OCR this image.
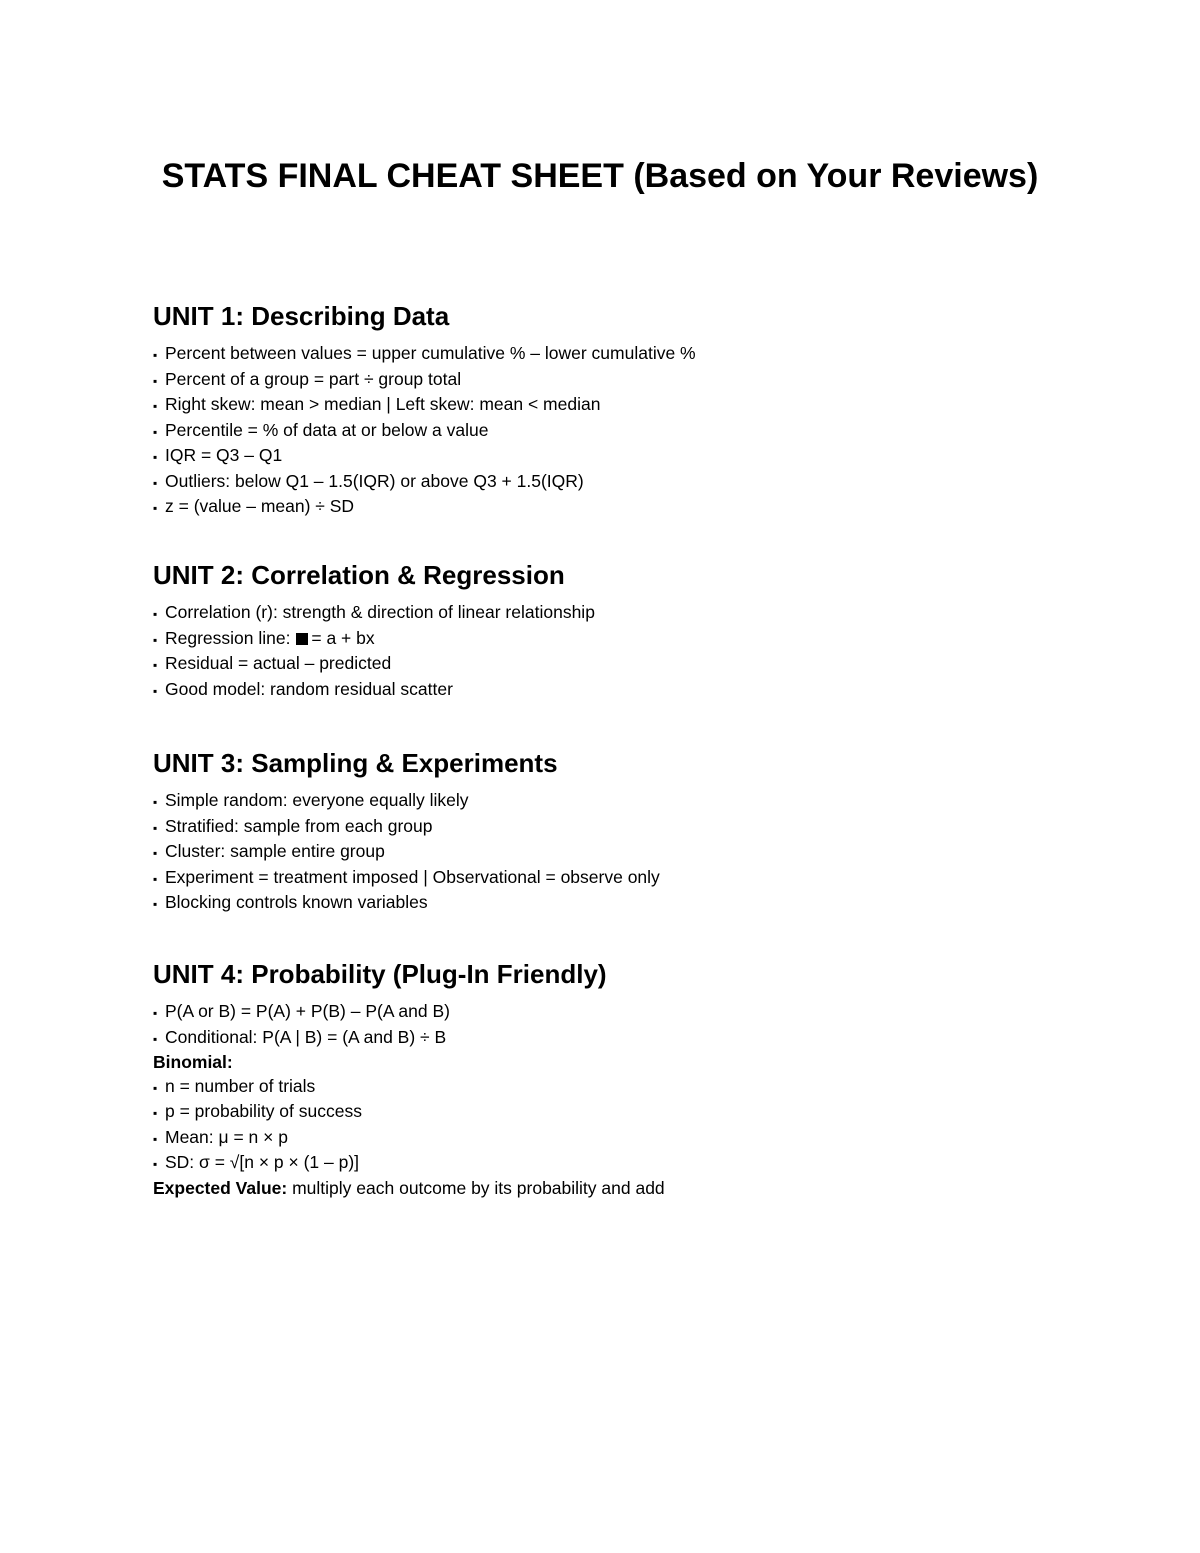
STATS FINAL CHEAT SHEET (Based on Your Reviews)
UNIT 1: Describing Data
▪ Percent between values = upper cumulative % – lower cumulative %
▪ Percent of a group = part ÷ group total
▪ Right skew: mean > median | Left skew: mean < median
▪ Percentile = % of data at or below a value
▪ IQR = Q3 – Q1
▪ Outliers: below Q1 – 1.5(IQR) or above Q3 + 1.5(IQR)
▪ z = (value – mean) ÷ SD
UNIT 2: Correlation & Regression
▪ Correlation (r): strength & direction of linear relationship
▪ Regression line: = a + bx
▪ Residual = actual – predicted
▪ Good model: random residual scatter
UNIT 3: Sampling & Experiments
▪ Simple random: everyone equally likely
▪ Stratified: sample from each group
▪ Cluster: sample entire group
▪ Experiment = treatment imposed | Observational = observe only
▪ Blocking controls known variables
UNIT 4: Probability (Plug-In Friendly)
▪ P(A or B) = P(A) + P(B) – P(A and B)
▪ Conditional: P(A | B) = (A and B) ÷ B
Binomial:
▪ n = number of trials
▪ p = probability of success
▪ Mean: μ = n × p
▪ SD: σ = √[n × p × (1 – p)]
Expected Value: multiply each outcome by its probability and add
